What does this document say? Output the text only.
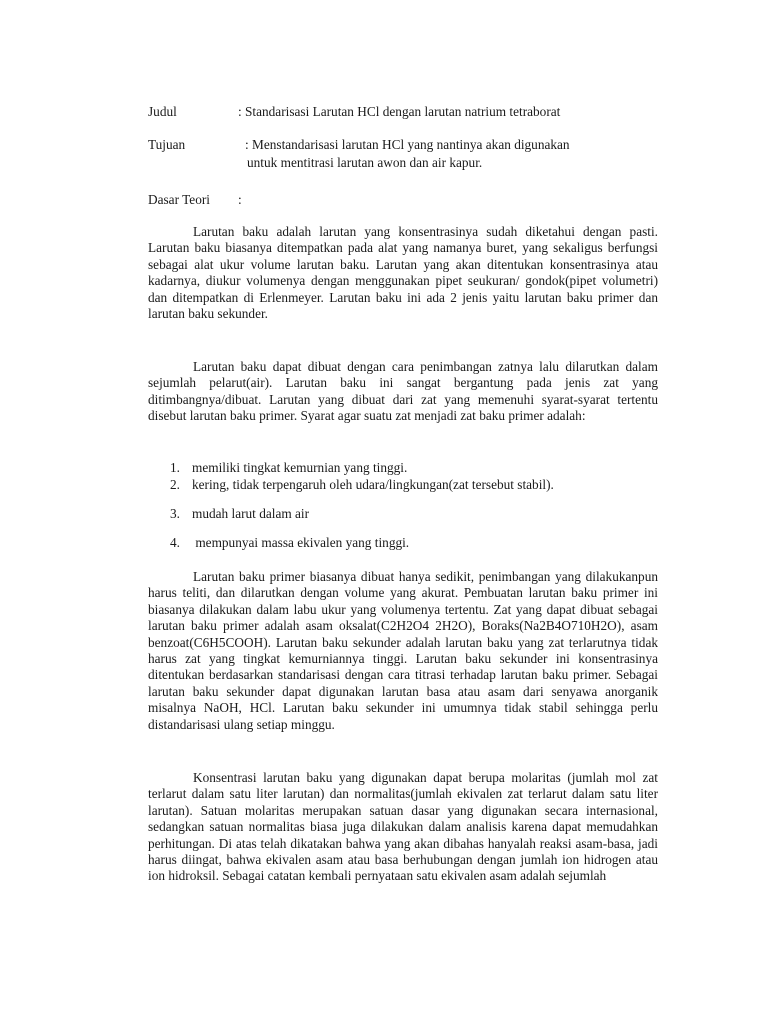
Judul	: Standarisasi Larutan HCl dengan larutan natrium tetraborat
Tujuan	: Menstandarisasi larutan HCl yang nantinya akan digunakan
untuk mentitrasi larutan awon dan air kapur.
Dasar Teori :
Larutan baku adalah larutan yang konsentrasinya sudah diketahui dengan pasti. Larutan baku biasanya ditempatkan pada alat yang namanya buret, yang sekaligus berfungsi sebagai alat ukur volume larutan baku. Larutan yang akan ditentukan konsentrasinya atau kadarnya, diukur volumenya dengan menggunakan pipet seukuran/ gondok(pipet volumetri) dan ditempatkan di Erlenmeyer. Larutan baku ini ada 2 jenis yaitu larutan baku primer dan larutan baku sekunder.
Larutan baku dapat dibuat dengan cara penimbangan zatnya lalu dilarutkan dalam sejumlah pelarut(air). Larutan baku ini sangat bergantung pada jenis zat yang ditimbangnya/dibuat. Larutan yang dibuat dari zat yang memenuhi syarat-syarat tertentu disebut larutan baku primer. Syarat agar suatu zat menjadi zat baku primer adalah:
1. memiliki tingkat kemurnian yang tinggi.
2. kering, tidak terpengaruh oleh udara/lingkungan(zat tersebut stabil).
3. mudah larut dalam air
4. mempunyai massa ekivalen yang tinggi.
Larutan baku primer biasanya dibuat hanya sedikit, penimbangan yang dilakukanpun harus teliti, dan dilarutkan dengan volume yang akurat. Pembuatan larutan baku primer ini biasanya dilakukan dalam labu ukur yang volumenya tertentu. Zat yang dapat dibuat sebagai larutan baku primer adalah asam oksalat(C2H2O4 2H2O), Boraks(Na2B4O710H2O), asam benzoat(C6H5COOH). Larutan baku sekunder adalah larutan baku yang zat terlarutnya tidak harus zat yang tingkat kemurniannya tinggi. Larutan baku sekunder ini konsentrasinya ditentukan berdasarkan standarisasi dengan cara titrasi terhadap larutan baku primer. Sebagai larutan baku sekunder dapat digunakan larutan basa atau asam dari senyawa anorganik misalnya NaOH, HCl. Larutan baku sekunder ini umumnya tidak stabil sehingga perlu distandarisasi ulang setiap minggu.
Konsentrasi larutan baku yang digunakan dapat berupa molaritas (jumlah mol zat terlarut dalam satu liter larutan) dan normalitas(jumlah ekivalen zat terlarut dalam satu liter larutan). Satuan molaritas merupakan satuan dasar yang digunakan secara internasional, sedangkan satuan normalitas biasa juga dilakukan dalam analisis karena dapat memudahkan perhitungan. Di atas telah dikatakan bahwa yang akan dibahas hanyalah reaksi asam-basa, jadi harus diingat, bahwa ekivalen asam atau basa berhubungan dengan jumlah ion hidrogen atau ion hidroksil. Sebagai catatan kembali pernyataan satu ekivalen asam adalah sejumlah
